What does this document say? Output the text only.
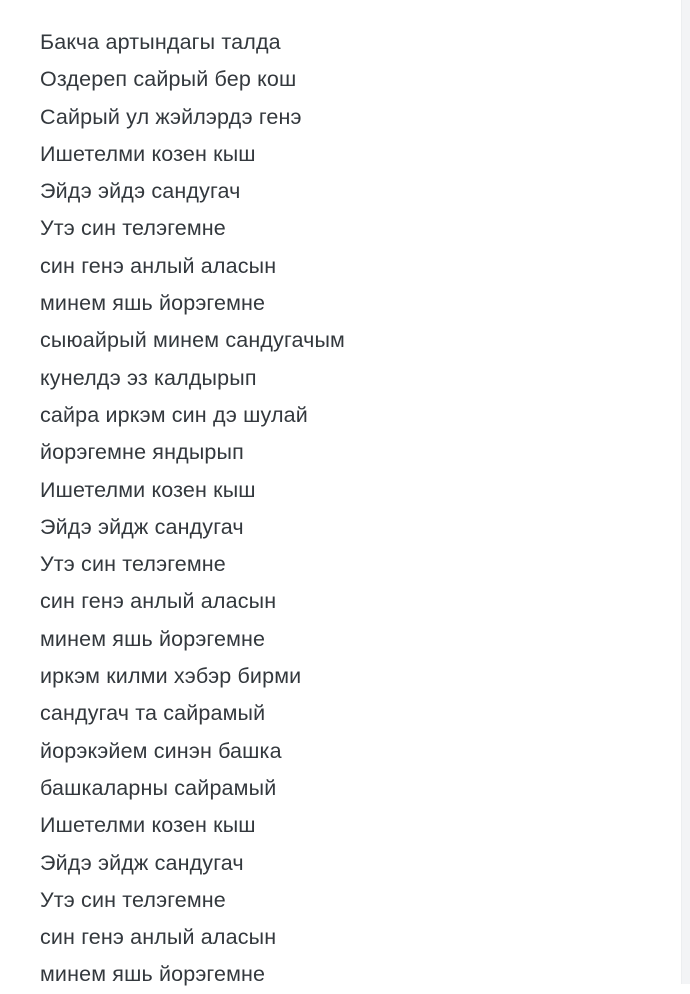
Бакча артындагы талда
Оздереп сайрый бер кош
Сайрый ул жэйлэрдэ генэ
Ишетелми козен кыш
Эйдэ эйдэ сандугач
Утэ син телэгемне
син генэ анлый аласын
минем яшь йорэгемне
сыюайрый минем сандугачым
кунелдэ эз калдырып
сайра иркэм син дэ шулай
йорэгемне яндырып
Ишетелми козен кыш
Эйдэ эйдж сандугач
Утэ син телэгемне
син генэ анлый аласын
минем яшь йорэгемне
иркэм килми хэбэр бирми
сандугач та сайрамый
йорэкэйем синэн башка
башкаларны сайрамый
Ишетелми козен кыш
Эйдэ эйдж сандугач
Утэ син телэгемне
син генэ анлый аласын
минем яшь йорэгемне
